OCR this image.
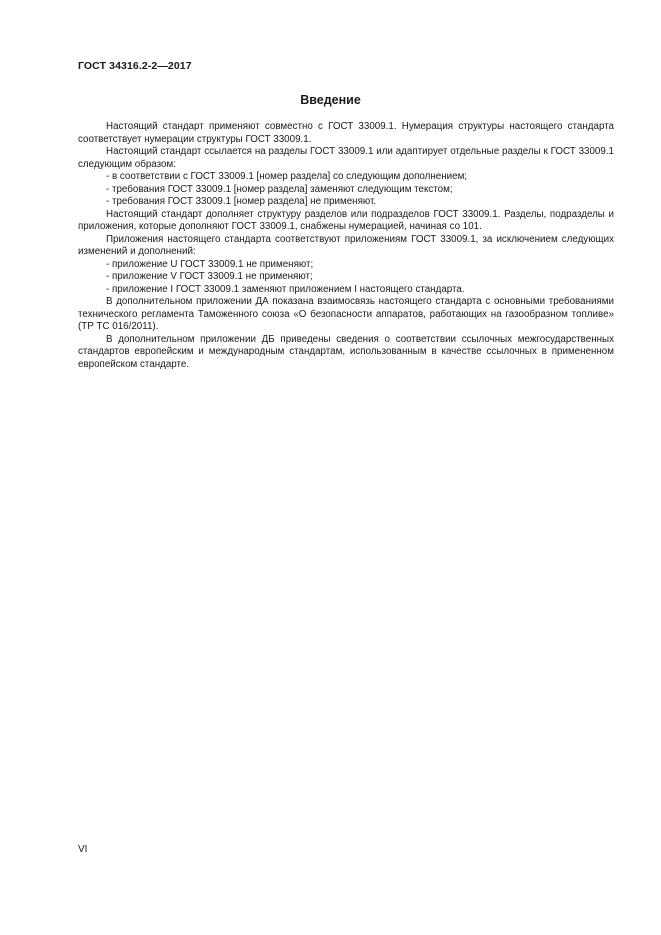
ГОСТ 34316.2-2—2017
Введение

Настоящий стандарт применяют совместно с ГОСТ 33009.1. Нумерация структуры настоящего стандарта соответствует нумерации структуры ГОСТ 33009.1.

Настоящий стандарт ссылается на разделы ГОСТ 33009.1 или адаптирует отдельные разделы к ГОСТ 33009.1 следующим образом:

- в соответствии с ГОСТ 33009.1 [номер раздела] со следующим дополнением;

- требования ГОСТ 33009.1 [номер раздела] заменяют следующим текстом;

- требования ГОСТ 33009.1 [номер раздела] не применяют.

Настоящий стандарт дополняет структуру разделов или подразделов ГОСТ 33009.1. Разделы, подразделы и приложения, которые дополняют ГОСТ 33009.1, снабжены нумерацией, начиная со 101.

Приложения настоящего стандарта соответствуют приложениям ГОСТ 33009.1, за исключением следующих изменений и дополнений:

- приложение U ГОСТ 33009.1 не применяют;

- приложение V ГОСТ 33009.1 не применяют;

- приложение I ГОСТ 33009.1 заменяют приложением I настоящего стандарта.

В дополнительном приложении ДА показана взаимосвязь настоящего стандарта с основными требованиями технического регламента Таможенного союза «О безопасности аппаратов, работающих на газообразном топливе» (ТР ТС 016/2011).

В дополнительном приложении ДБ приведены сведения о соответствии ссылочных межгосударственных стандартов европейским и международным стандартам, использованным в качестве ссылочных в примененном европейском стандарте.

VI
